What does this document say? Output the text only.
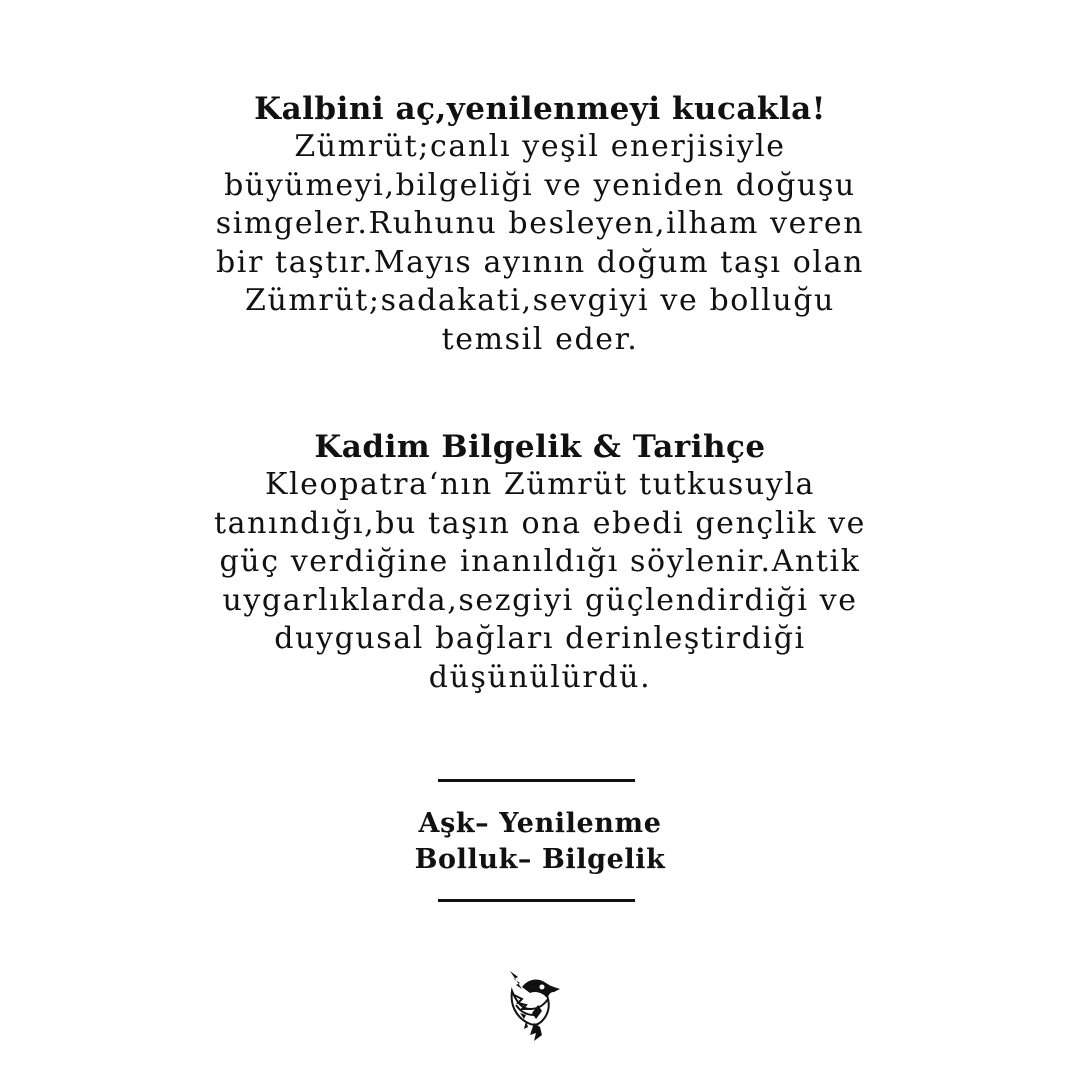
Kalbini aç,yenilenmeyi kucakla!
Zümrüt;canlı yeşil enerjisiyle
büyümeyi,bilgeliği ve yeniden doğuşu
simgeler.Ruhunu besleyen,ilham veren
bir taştır.Mayıs ayının doğum taşı olan
Zümrüt;sadakati,sevgiyi ve bolluğu
temsil eder.
Kadim Bilgelik & Tarihçe
Kleopatra‘nın Zümrüt tutkusuyla
tanındığı,bu taşın ona ebedi gençlik ve
güç verdiğine inanıldığı söylenir.Antik
uygarlıklarda,sezgiyi güçlendirdiği ve
duygusal bağları derinleştirdiği
düşünülürdü.
Aşk– Yenilenme
Bolluk– Bilgelik
